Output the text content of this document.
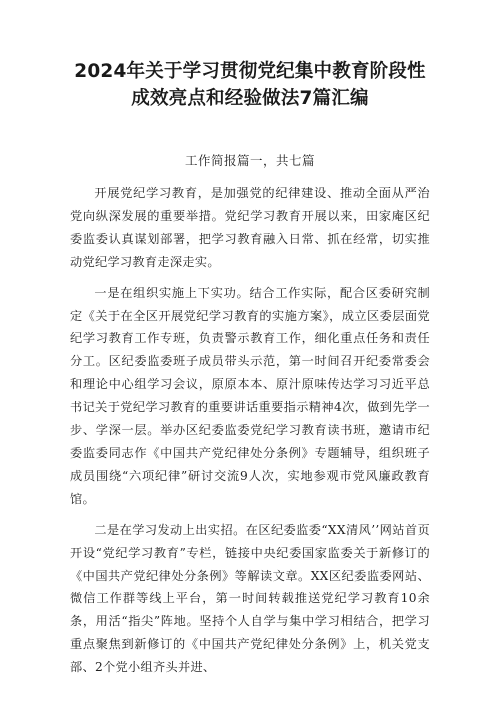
2024年关于学习贯彻党纪集中教育阶段性
成效亮点和经验做法7篇汇编

工作简报篇一，共七篇

开展党纪学习教育，是加强党的纪律建设、推动全面从严治党向纵深发展的重要举措。党纪学习教育开展以来，田家庵区纪委监委认真谋划部署，把学习教育融入日常、抓在经常，切实推动党纪学习教育走深走实。

一是在组织实施上下实功。结合工作实际，配合区委研究制定《关于在全区开展党纪学习教育的实施方案》，成立区委层面党纪学习教育工作专班，负责警示教育工作，细化重点任务和责任分工。区纪委监委班子成员带头示范，第一时间召开纪委常委会和理论中心组学习会议，原原本本、原汁原味传达学习习近平总书记关于党纪学习教育的重要讲话重要指示精神4次，做到先学一步、学深一层。举办区纪委监委党纪学习教育读书班，邀请市纪委监委同志作《中国共产党纪律处分条例》专题辅导，组织班子成员围绕“六项纪律”研讨交流9人次，实地参观市党风廉政教育馆。

二是在学习发动上出实招。在区纪委监委“XX清风’’网站首页开设“党纪学习教育”专栏，链接中央纪委国家监委关于新修订的《中国共产党纪律处分条例》等解读文章。XX区纪委监委网站、微信工作群等线上平台，第一时间转载推送党纪学习教育10余条，用活“指尖”阵地。坚持个人自学与集中学习相结合，把学习重点聚焦到新修订的《中国共产党纪律处分条例》上，机关党支部、2个党小组齐头并进、
